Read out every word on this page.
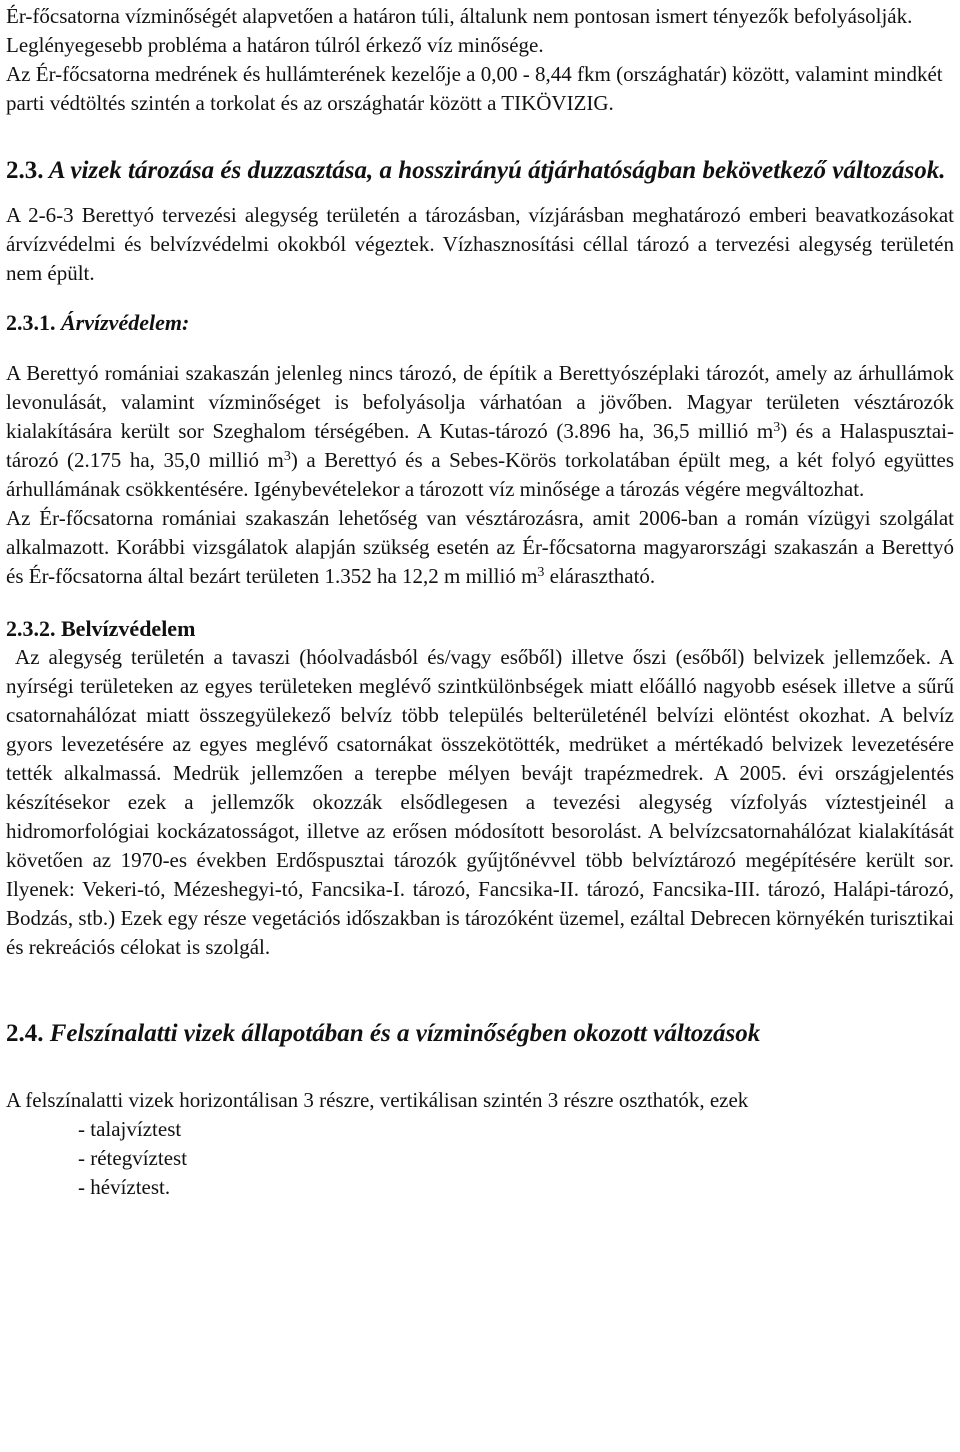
Ér-főcsatorna vízminőségét alapvetően a határon túli, általunk nem pontosan ismert tényezők befolyásolják.

Leglényegesebb probléma a határon túlról érkező víz minősége.

Az Ér-főcsatorna medrének és hullámterének kezelője a 0,00 - 8,44 fkm (országhatár) között, valamint mindkét parti védtöltés szintén a torkolat és az országhatár között a TIKÖVIZIG.

2.3. A vizek tározása és duzzasztása, a hosszirányú átjárhatóságban bekövetkező változások.

A 2-6-3 Berettyó tervezési alegység területén a tározásban, vízjárásban meghatározó emberi beavatkozásokat árvízvédelmi és belvízvédelmi okokból végeztek. Vízhasznosítási céllal tározó a tervezési alegység területén nem épült.

2.3.1. Árvízvédelem:

A Berettyó romániai szakaszán jelenleg nincs tározó, de építik a Berettyószéplaki tározót, amely az árhullámok levonulását, valamint vízminőséget is befolyásolja várhatóan a jövőben. Magyar területen vésztározók kialakítására került sor Szeghalom térségében. A Kutas-tározó (3.896 ha, 36,5 millió $m^3$) és a Halaspusztai-tározó (2.175 ha, 35,0 millió $m^3$) a Berettyó és a Sebes-Körös torkolatában épült meg, a két folyó együttes árhullámának csökkentésére. Igénybevételekor a tározott víz minősége a tározás végére megváltozhat.

Az Ér-főcsatorna romániai szakaszán lehetőség van vésztározásra, amit 2006-ban a román vízügyi szolgálat alkalmazott. Korábbi vizsgálatok alapján szükség esetén az Ér-főcsatorna magyarországi szakaszán a Berettyó és Ér-főcsatorna által bezárt területen 1.352 ha 12,2 m millió $m^3$ elárasztható.

2.3.2. Belvízvédelem

Az alegység területén a tavaszi (hóolvadásból és/vagy esőből) illetve őszi (esőből) belvizek jellemzőek. A nyírségi területeken az egyes területeken meglévő szintkülönbségek miatt előálló nagyobb esések illetve a sűrű csatornahálózat miatt összegyülekező belvíz több település belterületénél belvízi elöntést okozhat. A belvíz gyors levezetésére az egyes meglévő csatornákat összekötötték, medrüket a mértékadó belvizek levezetésére tették alkalmassá. Medrük jellemzően a terepbe mélyen bevájt trapézmedrek. A 2005. évi országjelentés készítésekor ezek a jellemzők okozzák elsődlegesen a tevezési alegység vízfolyás víztestjeinél a hidromorfológiai kockázatosságot, illetve az erősen módosított besorolást. A belvízcsatornahálózat kialakítását követően az 1970-es években Erdőspusztai tározók gyűjtőnévvel több belvíztározó megépítésére került sor. Ilyenek: Vekeri-tó, Mézeshegyi-tó, Fancsika-I. tározó, Fancsika-II. tározó, Fancsika-III. tározó, Halápi-tározó, Bodzás, stb.) Ezek egy része vegetációs időszakban is tározóként üzemel, ezáltal Debrecen környékén turisztikai és rekreációs célokat is szolgál.

2.4. Felszínalatti vizek állapotában és a vízminőségben okozott változások

A felszínalatti vizek horizontálisan 3 részre, vertikálisan szintén 3 részre oszthatók, ezek

- talajvíztest
- rétegvíztest
- hévíztest.
